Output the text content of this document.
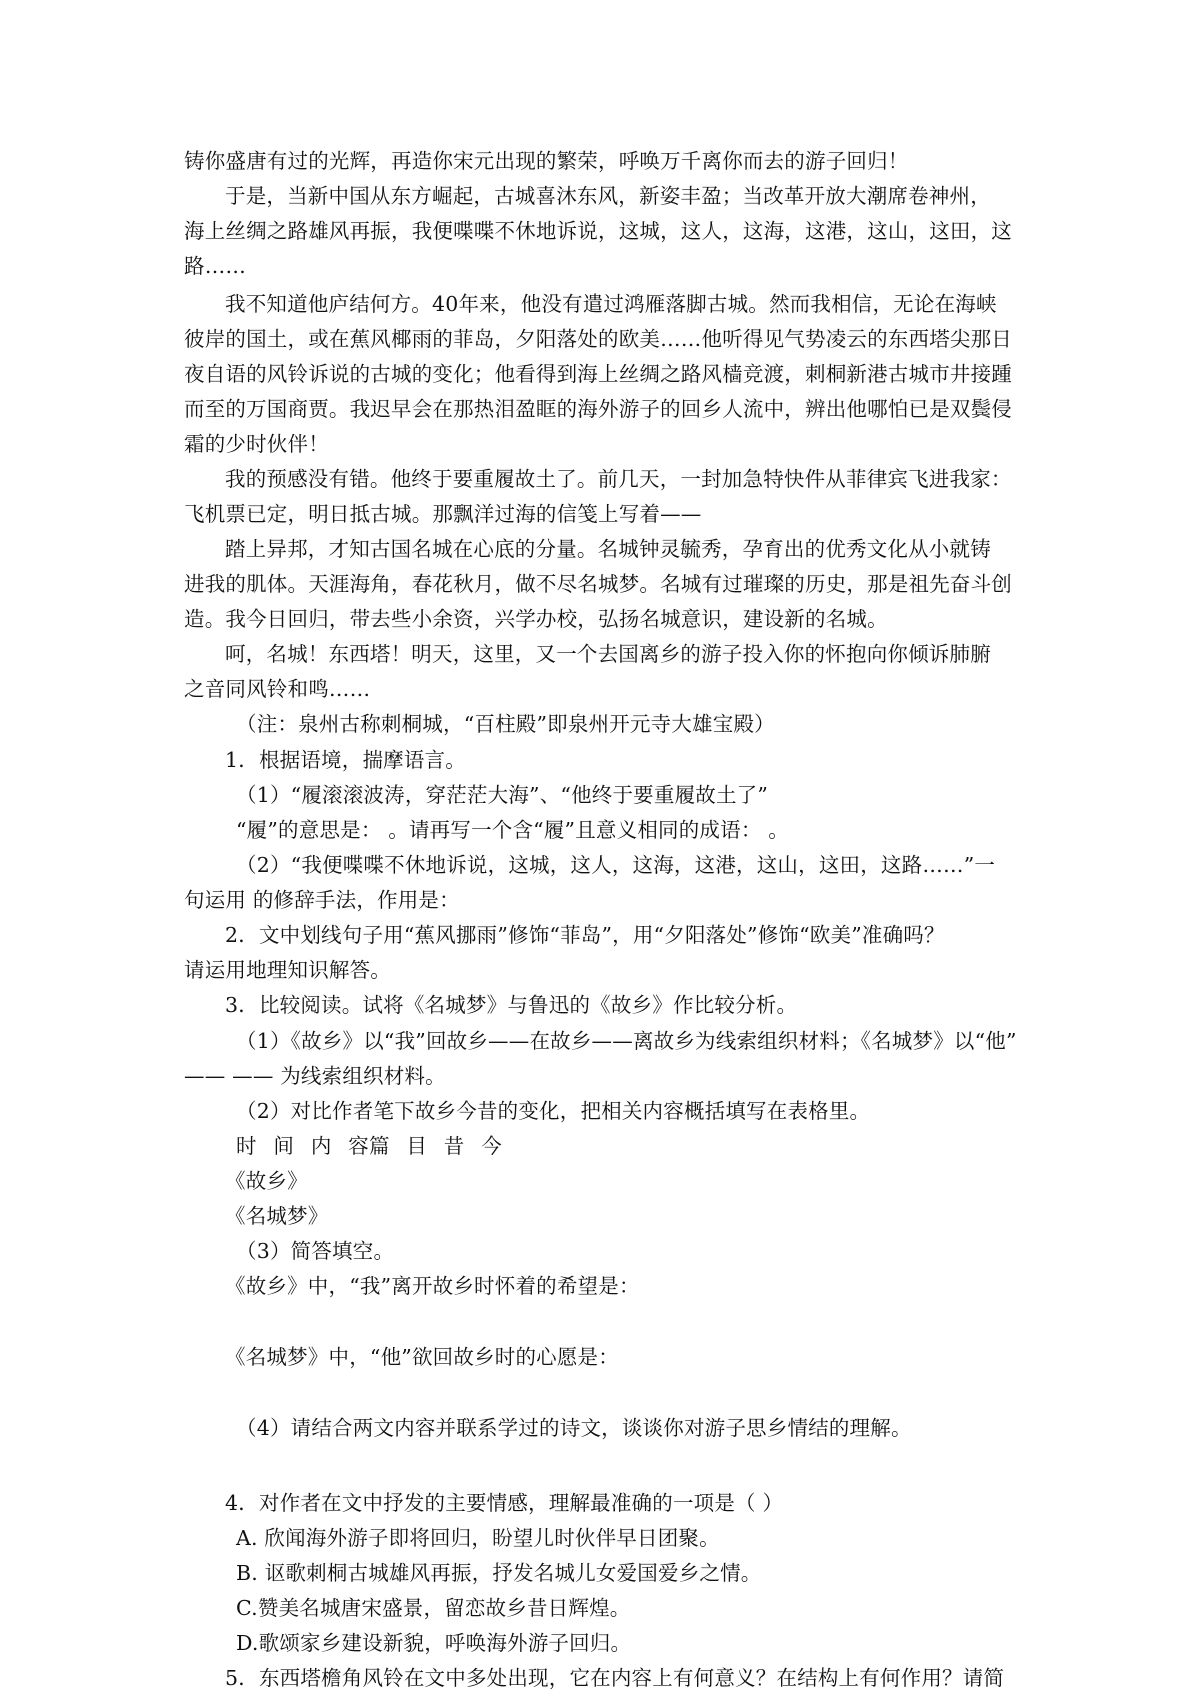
铸你盛唐有过的光辉，再造你宋元出现的繁荣，呼唤万千离你而去的游子回归！
于是，当新中国从东方崛起，古城喜沐东风，新姿丰盈；当改革开放大潮席卷神州，
海上丝绸之路雄风再振，我便喋喋不休地诉说，这城，这人，这海，这港，这山，这田，这
路……
我不知道他庐结何方。40年来，他没有遣过鸿雁落脚古城。然而我相信，无论在海峡
彼岸的国土，或在蕉风椰雨的菲岛，夕阳落处的欧美……他听得见气势凌云的东西塔尖那日
夜自语的风铃诉说的古城的变化；他看得到海上丝绸之路风樯竞渡，刺桐新港古城市井接踵
而至的万国商贾。我迟早会在那热泪盈眶的海外游子的回乡人流中，辨出他哪怕已是双鬓侵
霜的少时伙伴！
我的预感没有错。他终于要重履故土了。前几天，一封加急特快件从菲律宾飞进我家：
飞机票已定，明日抵古城。那飘洋过海的信笺上写着——
踏上异邦，才知古国名城在心底的分量。名城钟灵毓秀，孕育出的优秀文化从小就铸
进我的肌体。天涯海角，春花秋月，做不尽名城梦。名城有过璀璨的历史，那是祖先奋斗创
造。我今日回归，带去些小余资，兴学办校，弘扬名城意识，建设新的名城。
呵，名城！东西塔！明天，这里，又一个去国离乡的游子投入你的怀抱向你倾诉肺腑
之音同风铃和鸣……
（注：泉州古称刺桐城，“百柱殿”即泉州开元寺大雄宝殿）
1．根据语境，揣摩语言。
（1）“履滚滚波涛，穿茫茫大海”、“他终于要重履故土了”
“履”的意思是： 。请再写一个含“履”且意义相同的成语： 。
（2）“我便喋喋不休地诉说，这城，这人，这海，这港，这山，这田，这路……”一
句运用 的修辞手法，作用是：
2．文中划线句子用“蕉风挪雨”修饰“菲岛”，用“夕阳落处”修饰“欧美”准确吗？
请运用地理知识解答。
3．比较阅读。试将《名城梦》与鲁迅的《故乡》作比较分析。
（1）《故乡》以“我”回故乡——在故乡——离故乡为线索组织材料；《名城梦》以“他”
—— —— 为线索组织材料。
（2）对比作者笔下故乡今昔的变化，把相关内容概括填写在表格里。
时 间 内 容篇 目 昔 今
《故乡》
《名城梦》
（3）简答填空。
《故乡》中，“我”离开故乡时怀着的希望是：
《名城梦》中，“他”欲回故乡时的心愿是：
（4）请结合两文内容并联系学过的诗文，谈谈你对游子思乡情结的理解。
4．对作者在文中抒发的主要情感，理解最准确的一项是（ ）
A. 欣闻海外游子即将回归，盼望儿时伙伴早日团聚。
B. 讴歌刺桐古城雄风再振，抒发名城儿女爱国爱乡之情。
C.赞美名城唐宋盛景，留恋故乡昔日辉煌。
D.歌颂家乡建设新貌，呼唤海外游子回归。
5．东西塔檐角风铃在文中多处出现，它在内容上有何意义？在结构上有何作用？请简
